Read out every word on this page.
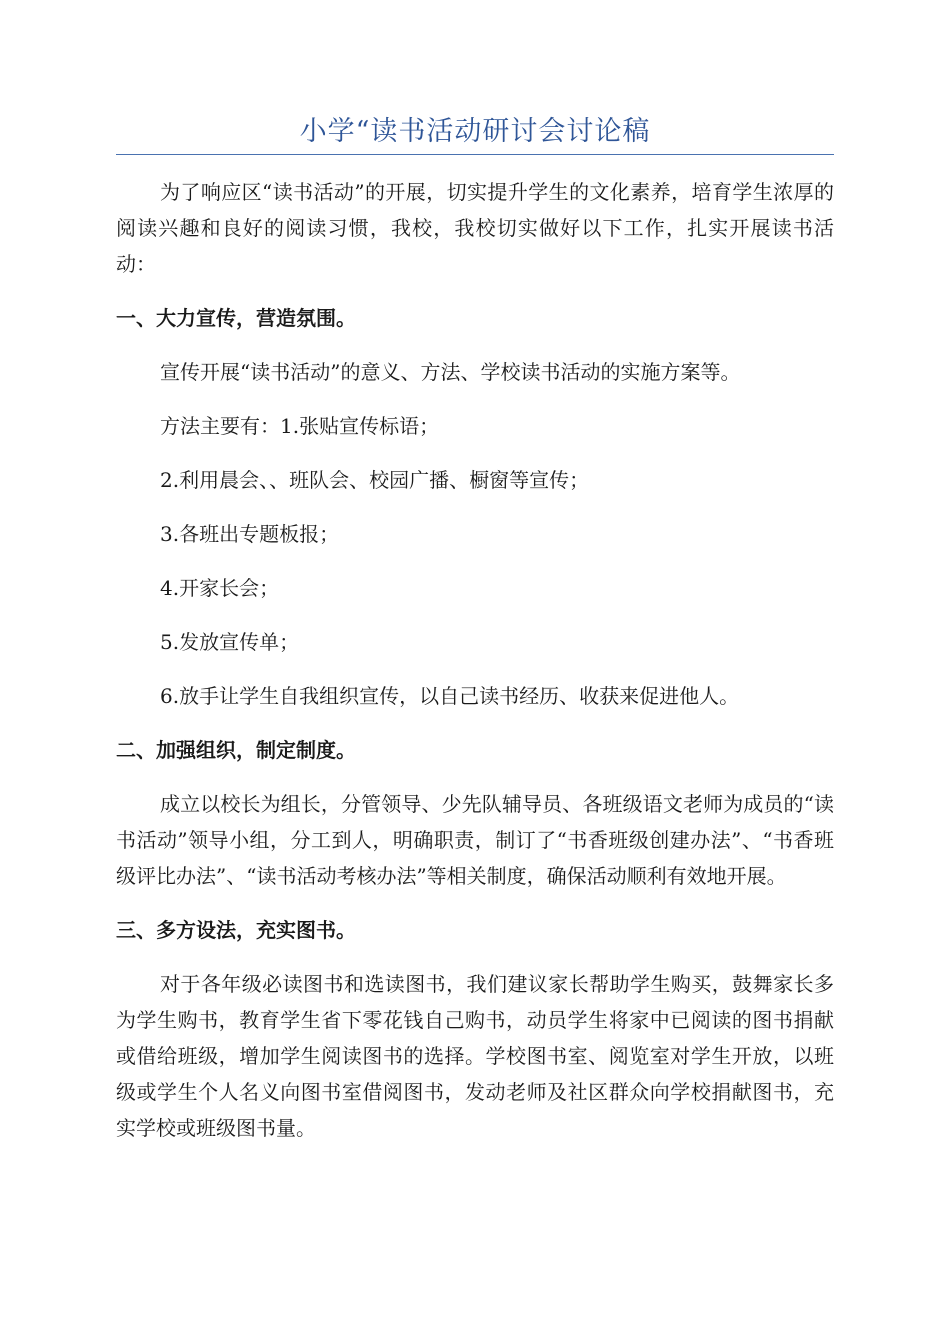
小学“读书活动研讨会讨论稿

为了响应区“读书活动”的开展，切实提升学生的文化素养，培育学生浓厚的阅读兴趣和良好的阅读习惯，我校，我校切实做好以下工作，扎实开展读书活动：

一、大力宣传，营造氛围。

宣传开展“读书活动”的意义、方法、学校读书活动的实施方案等。

方法主要有：1.张贴宣传标语；

2.利用晨会、、班队会、校园广播、橱窗等宣传；

3.各班出专题板报；

4.开家长会；

5.发放宣传单；

6.放手让学生自我组织宣传，以自己读书经历、收获来促进他人。

二、加强组织，制定制度。

成立以校长为组长，分管领导、少先队辅导员、各班级语文老师为成员的“读书活动”领导小组，分工到人，明确职责，制订了“书香班级创建办法”、“书香班级评比办法”、“读书活动考核办法”等相关制度，确保活动顺利有效地开展。

三、多方设法，充实图书。

对于各年级必读图书和选读图书，我们建议家长帮助学生购买，鼓舞家长多为学生购书，教育学生省下零花钱自己购书，动员学生将家中已阅读的图书捐献或借给班级，增加学生阅读图书的选择。学校图书室、阅览室对学生开放，以班级或学生个人名义向图书室借阅图书，发动老师及社区群众向学校捐献图书，充实学校或班级图书量。
